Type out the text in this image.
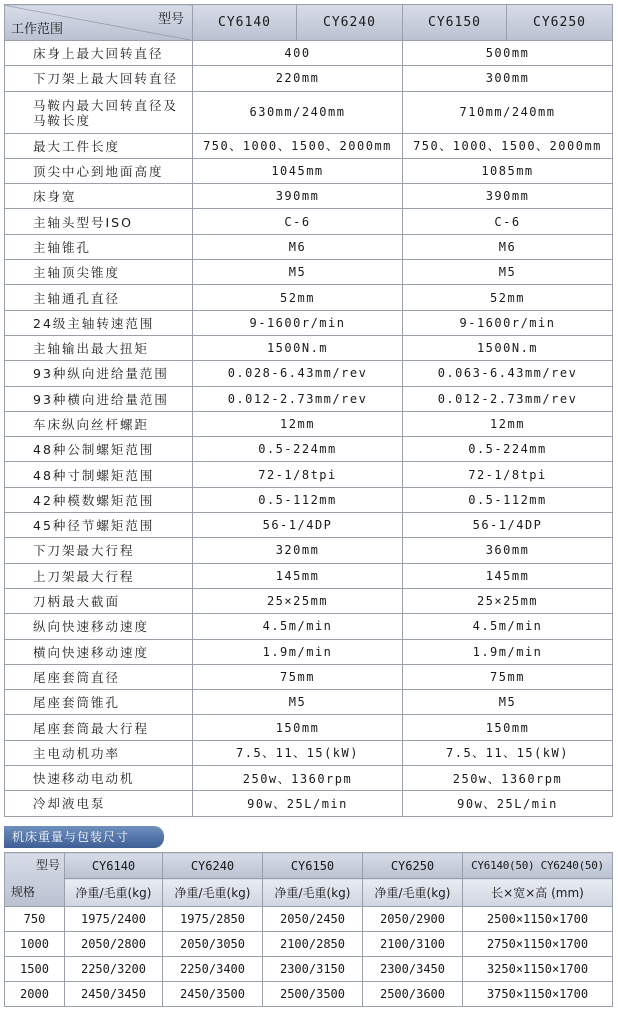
型号
工作范围	CY6140	CY6240	CY6150	CY6250
床身上最大回转直径	400		500mm	
下刀架上最大回转直径	220mm		300mm	
马鞍内最大回转直径及马鞍长度	630mm/240mm		710mm/240mm	
最大工件长度	750、1000、1500、2000mm		750、1000、1500、2000mm	
顶尖中心到地面高度	1045mm		1085mm	
床身宽	390mm		390mm	
主轴头型号ISO	C-6		C-6	
主轴锥孔	M6		M6	
主轴顶尖锥度	M5		M5	
主轴通孔直径	52mm		52mm	
24级主轴转速范围	9-1600r/min		9-1600r/min	
主轴输出最大扭矩	1500N.m		1500N.m	
93种纵向进给量范围	0.028-6.43mm/rev		0.063-6.43mm/rev	
93种横向进给量范围	0.012-2.73mm/rev		0.012-2.73mm/rev	
车床纵向丝杆螺距	12mm		12mm	
48种公制螺矩范围	0.5-224mm		0.5-224mm	
48种寸制螺矩范围	72-1/8tpi		72-1/8tpi	
42种模数螺矩范围	0.5-112mm		0.5-112mm	
45种径节螺矩范围	56-1/4DP		56-1/4DP	
下刀架最大行程	320mm		360mm	
上刀架最大行程	145mm		145mm	
刀柄最大截面	25×25mm		25×25mm	
纵向快速移动速度	4.5m/min		4.5m/min	
横向快速移动速度	1.9m/min		1.9m/min	
尾座套筒直径	75mm		75mm	
尾座套筒锥孔	M5		M5	
尾座套筒最大行程	150mm		150mm	
主电动机功率	7.5、11、15(kW)		7.5、11、15(kW)	
快速移动电动机	250w、1360rpm		250w、1360rpm	
冷却液电泵	90w、25L/min		90w、25L/min	
机床重量与包装尺寸
型号
规格	CY6140	CY6240	CY6150	CY6250	CY6140(50) CY6240(50)
	净重/毛重(kg)	净重/毛重(kg)	净重/毛重(kg)	净重/毛重(kg)	长×宽×高 (mm)
750	1975/2400	1975/2850	2050/2450	2050/2900	2500×1150×1700
1000	2050/2800	2050/3050	2100/2850	2100/3100	2750×1150×1700
1500	2250/3200	2250/3400	2300/3150	2300/3450	3250×1150×1700
2000	2450/3450	2450/3500	2500/3500	2500/3600	3750×1150×1700
